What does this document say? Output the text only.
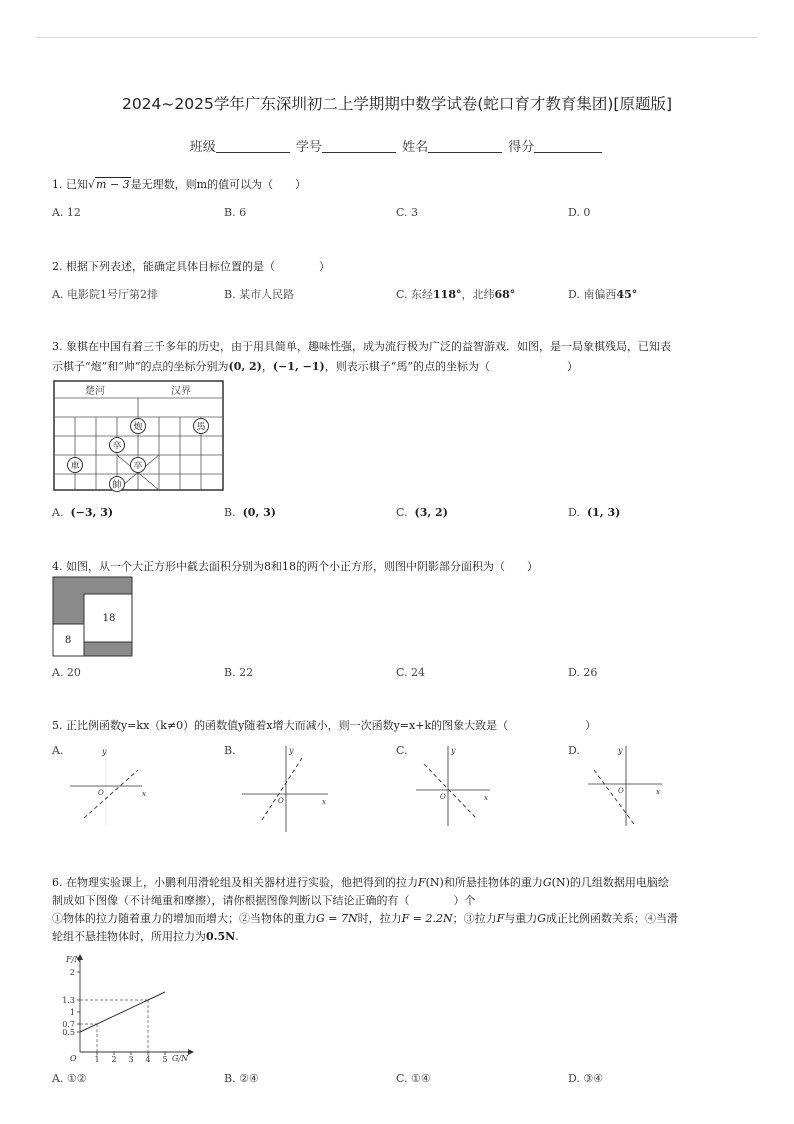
2024~2025学年广东深圳初二上学期期中数学试卷(蛇口育才教育集团)[原题版]
班级	学号	姓名	得分
1. 已知√m − 3是无理数，则m的值可以为（　　）
A. 12	B. 6	C. 3	D. 0
2. 根据下列表述，能确定具体目标位置的是（　　　　）
A. 电影院1号厅第2排	B. 某市人民路	C. 东经118°，北纬68°	D. 南偏西45°
3. 象棋在中国有着三千多年的历史，由于用具简单，趣味性强，成为流行极为广泛的益智游戏．如图，是一局象棋残局，已知表
示棋子“炮”和“帅”的点的坐标分别为(0, 2)，(−1, −1)，则表示棋子“馬”的点的坐标为（　　　　　　　）
楚河	汉界
炮	馬
卒
車	卒
帥
A. (−3, 3)	B. (0, 3)	C. (3, 2)	D. (1, 3)
4. 如图，从一个大正方形中截去面积分别为8和18的两个小正方形，则图中阴影部分面积为（　　）
18
8
A. 20	B. 22	C. 24	D. 26
5. 正比例函数y=kx（k≠0）的函数值y随着x增大而减小，则一次函数y=x+k的图象大致是（　　　　　　　）
A.	y
x
O
B.	y
x
O
C.	y
x
O
D.	y
x
O
6. 在物理实验课上，小鹏利用滑轮组及相关器材进行实验，他把得到的拉力F(N)和所悬挂物体的重力G(N)的几组数据用电脑绘
制成如下图像（不计绳重和摩擦），请你根据图像判断以下结论正确的有（　　　　）个
①物体的拉力随着重力的增加而增大；②当物体的重力G = 7N时，拉力F = 2.2N；③拉力F与重力G成正比例函数关系；④当滑
轮组不悬挂物体时，所用拉力为0.5N.
F/N
G/N
O
2
1.3
1
0.7
0.5
1 2 3 4 5
A. ①②	B. ②④	C. ①④	D. ③④
